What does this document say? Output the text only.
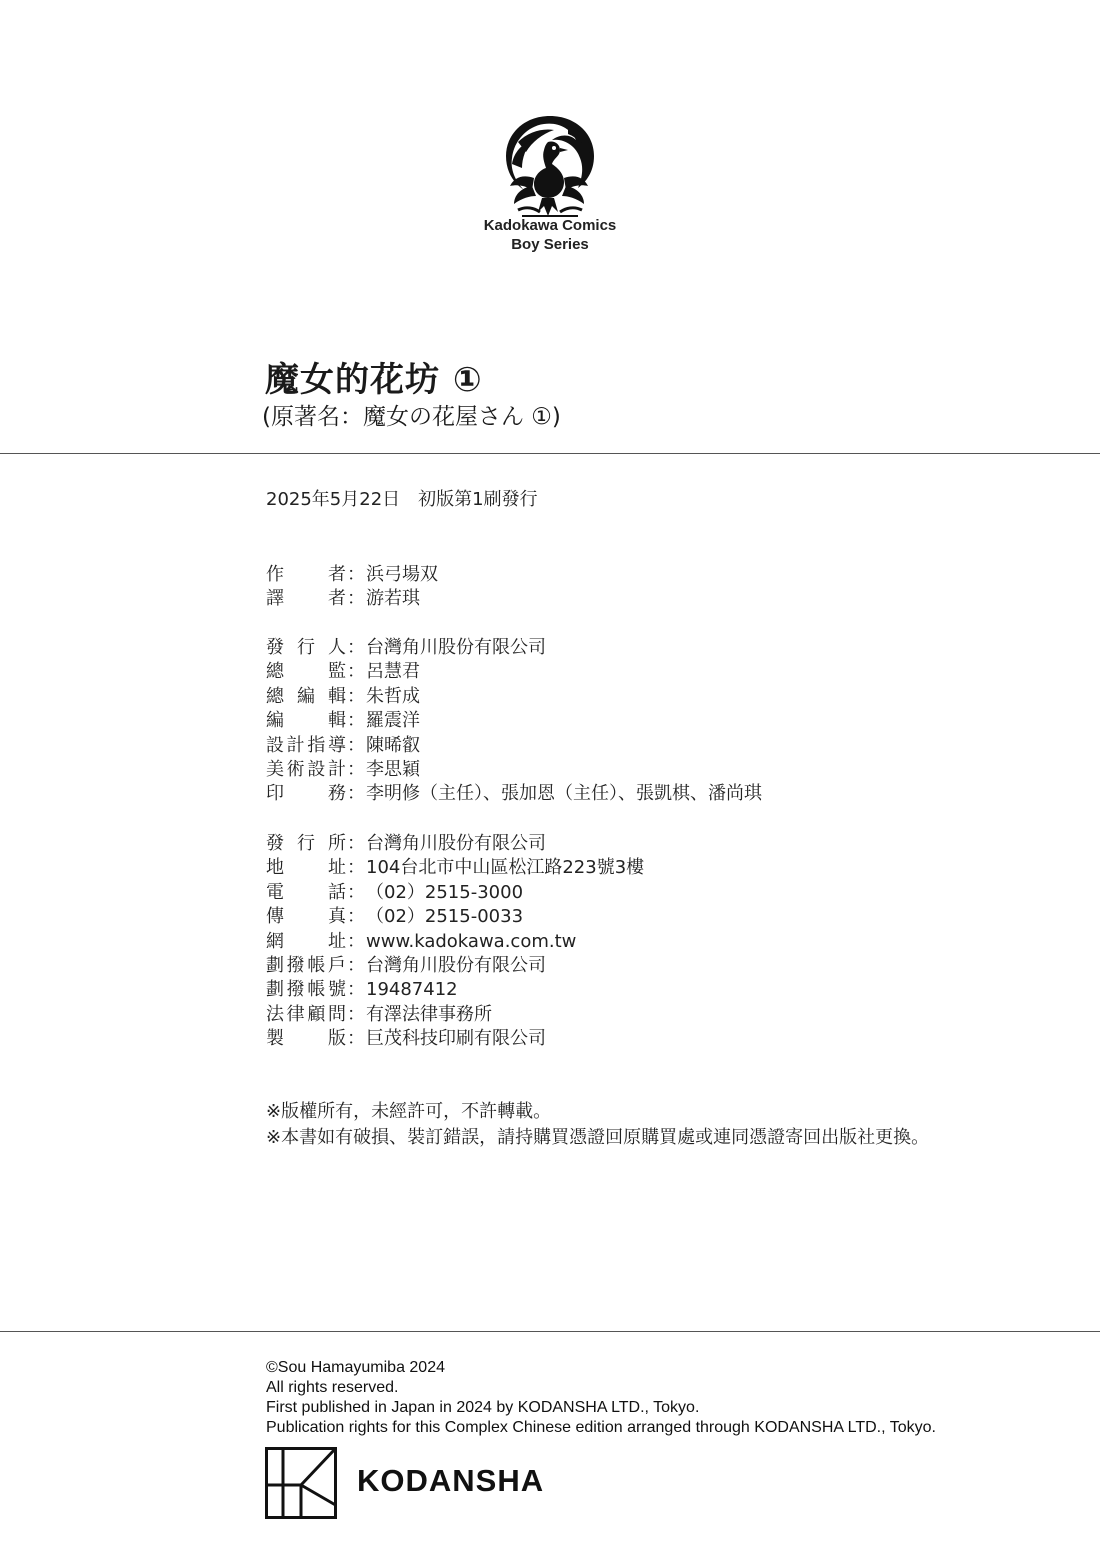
Kadokawa Comics
Boy Series
魔女的花坊 ①
(原著名：魔女の花屋さん ①)
2025年5月22日　初版第1刷發行
作 者 ： 浜弓場双
譯 者 ： 游若琪
發 行 人 ： 台灣角川股份有限公司
總 監 ： 呂慧君
總 編 輯 ： 朱哲成
編 輯 ： 羅震洋
設 計 指 導 ： 陳晞叡
美 術 設 計 ： 李思穎
印 務 ： 李明修（主任）、張加恩（主任）、張凱棋、潘尚琪
發 行 所 ： 台灣角川股份有限公司
地 址 ： 104台北市中山區松江路223號3樓
電 話 ： （02）2515-3000
傳 真 ： （02）2515-0033
網 址 ： www.kadokawa.com.tw
劃 撥 帳 戶 ： 台灣角川股份有限公司
劃 撥 帳 號 ： 19487412
法 律 顧 問 ： 有澤法律事務所
製 版 ： 巨茂科技印刷有限公司
※版權所有，未經許可，不許轉載。
※本書如有破損、裝訂錯誤，請持購買憑證回原購買處或連同憑證寄回出版社更換。
©Sou Hamayumiba 2024
All rights reserved.
First published in Japan in 2024 by KODANSHA LTD., Tokyo.
Publication rights for this Complex Chinese edition arranged through KODANSHA LTD., Tokyo.
KODANSHA
